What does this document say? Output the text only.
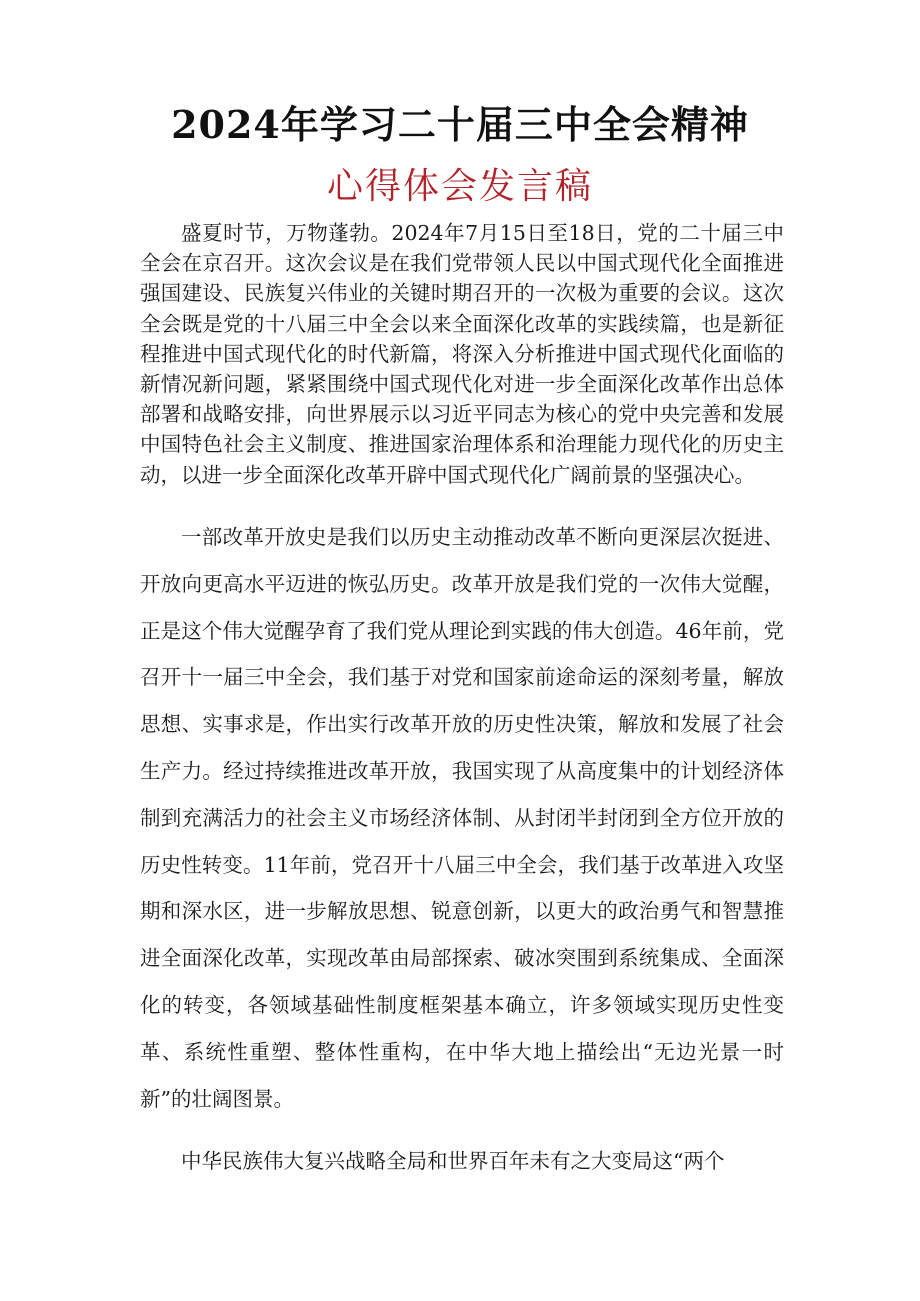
2024年学习二十届三中全会精神
心得体会发言稿

盛夏时节，万物蓬勃。2024年7月15日至18日，党的二十届三中全会在京召开。这次会议是在我们党带领人民以中国式现代化全面推进强国建设、民族复兴伟业的关键时期召开的一次极为重要的会议。这次全会既是党的十八届三中全会以来全面深化改革的实践续篇，也是新征程推进中国式现代化的时代新篇，将深入分析推进中国式现代化面临的新情况新问题，紧紧围绕中国式现代化对进一步全面深化改革作出总体部署和战略安排，向世界展示以习近平同志为核心的党中央完善和发展中国特色社会主义制度、推进国家治理体系和治理能力现代化的历史主动，以进一步全面深化改革开辟中国式现代化广阔前景的坚强决心。

一部改革开放史是我们以历史主动推动改革不断向更深层次挺进、开放向更高水平迈进的恢弘历史。改革开放是我们党的一次伟大觉醒，正是这个伟大觉醒孕育了我们党从理论到实践的伟大创造。46年前，党召开十一届三中全会，我们基于对党和国家前途命运的深刻考量，解放思想、实事求是，作出实行改革开放的历史性决策，解放和发展了社会生产力。经过持续推进改革开放，我国实现了从高度集中的计划经济体制到充满活力的社会主义市场经济体制、从封闭半封闭到全方位开放的历史性转变。11年前，党召开十八届三中全会，我们基于改革进入攻坚期和深水区，进一步解放思想、锐意创新，以更大的政治勇气和智慧推进全面深化改革，实现改革由局部探索、破冰突围到系统集成、全面深化的转变，各领域基础性制度框架基本确立，许多领域实现历史性变革、系统性重塑、整体性重构，在中华大地上描绘出“无边光景一时新”的壮阔图景。

中华民族伟大复兴战略全局和世界百年未有之大变局这“两个
